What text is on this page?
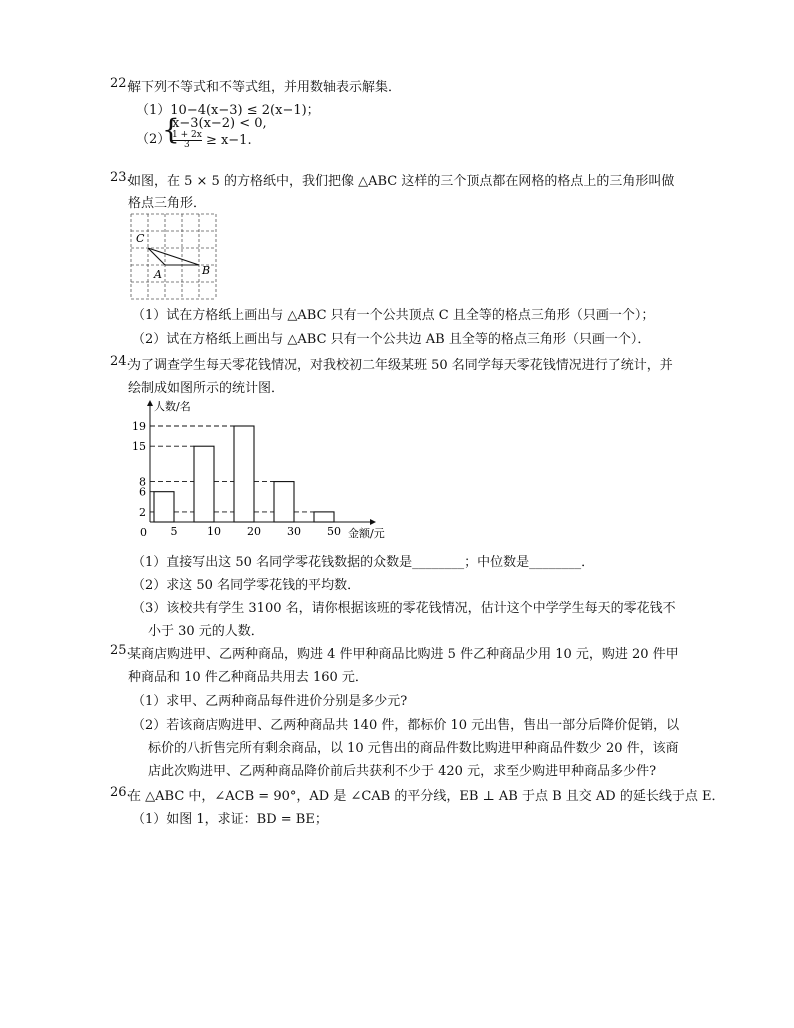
22.
解下列不等式和不等式组，并用数轴表示解集．
（1）10−4(x−3) ≤ 2(x−1)；
（2）
{
x−3(x−2) < 0,
$\frac{1 + 2x}{3} \ge x-1$.
23.
如图，在 5 × 5 的方格纸中，我们把像 △ABC 这样的三个顶点都在网格的格点上的三角形叫做
格点三角形．
C
A	B
（1）试在方格纸上画出与 △ABC 只有一个公共顶点 C 且全等的格点三角形（只画一个）；
（2）试在方格纸上画出与 △ABC 只有一个公共边 AB 且全等的格点三角形（只画一个）．
24.
为了调查学生每天零花钱情况，对我校初二年级某班 50 名同学每天零花钱情况进行了统计，并
绘制成如图所示的统计图．
2
6
8
15
19
5	10 20 30 50
人数/名
金额/元
0
（1）直接写出这 50 名同学零花钱数据的众数是________；中位数是________．
（2）求这 50 名同学零花钱的平均数．
（3）该校共有学生 3100 名，请你根据该班的零花钱情况，估计这个中学学生每天的零花钱不
小于 30 元的人数．
25.
某商店购进甲、乙两种商品，购进 4 件甲种商品比购进 5 件乙种商品少用 10 元，购进 20 件甲
种商品和 10 件乙种商品共用去 160 元．
（1）求甲、乙两种商品每件进价分别是多少元?
（2）若该商店购进甲、乙两种商品共 140 件，都标价 10 元出售，售出一部分后降价促销，以
标价的八折售完所有剩余商品，以 10 元售出的商品件数比购进甲种商品件数少 20 件，该商
店此次购进甲、乙两种商品降价前后共获利不少于 420 元，求至少购进甲种商品多少件?
26.
在 △ABC 中，∠ACB = 90°，AD 是 ∠CAB 的平分线，EB ⊥ AB 于点 B 且交 AD 的延长线于点 E．
（1）如图 1，求证：BD = BE；
